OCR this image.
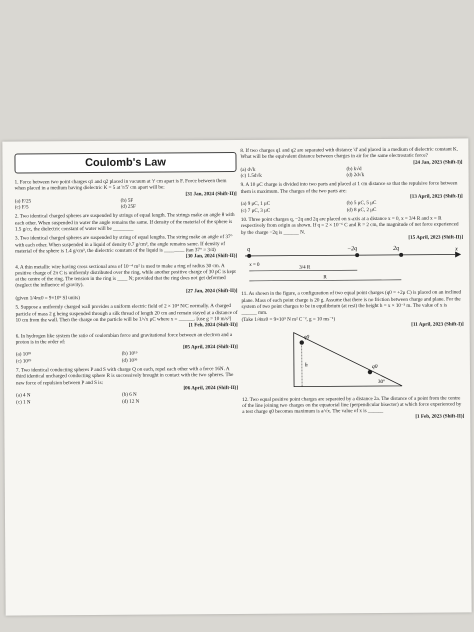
Coulomb's Law
1. Force between two point charges q1 and q2 placed in vacuum at 'r' cm apart is F. Force between them when placed in a medium having dielectric K = 5 at 'r/5' cm apart will be:
[31 Jan, 2024 (Shift-II)]
(a) F/25	(b) 5F
(c) F/5	(d) 25F
2. Two identical charged spheres are suspended by strings of equal length. The strings make an angle θ with each other. When suspended in water the angle remains the same. If density of the material of the sphere is 1.5 g/cc, the dielectric constant of water will be ________
3. Two identical charged spheres are suspended by string of equal lengths. The string make an angle of 37° with each other. When suspended in a liquid of density 0.7 g/cm³, the angle remains same. If density of material of the sphere is 1.4 g/cm³, the dielectric constant of the liquid is ________ (tan 37° = 3/4)
[30 Jan, 2024 (Shift-II)]
4. A thin metallic wire having cross sectional area of 10⁻⁴ m² is used to make a ring of radius 30 cm. A positive charge of 2π C is uniformly distributed over the ring, while another positive charge of 30 pC is kept at the centre of the ring. The tension in the ring is ____ N; provided that the ring does not get deformed (neglect the influence of gravity).
[27 Jan, 2024 (Shift-II)]
(given 1/4πε0 = 9×10⁹ SI units)
5. Suppose a uniformly charged wall provides a uniform electric field of 2 × 10⁴ N/C normally. A charged particle of mass 2 g being suspended through a silk thread of length 20 cm and remain stayed at a distance of 10 cm from the wall. Then the charge on the particle will be 1/√x μC where x = ______. [use g = 10 m/s²]
[1 Feb, 2024 (Shift-II)]
6. In hydrogen like system the ratio of coulombian force and gravitational force between an electron and a proton is in the order of:
[05 April, 2024 (Shift-II)]
(a) 10³⁹	(b) 10¹⁹
(c) 10²⁹	(d) 10³⁶
7. Two identical conducting spheres P and S with charge Q on each, repel each other with a force 16N. A third identical uncharged conducting sphere R is successively brought in contact with the two spheres. The new force of repulsion between P and S is:
[06 April, 2024 (Shift-II)]
(a) 4 N	(b) 6 N
(c) 1 N	(d) 12 N
8. If two charges q1 and q2 are separated with distance 'd' and placed in a medium of dielectric constant K. What will be the equivalent distance between charges in air for the same electrostatic force?
[24 Jan, 2023 (Shift-I)]
(a) d√k	(b) k√d
(c) 1.5d√k	(d) 2d√k
9. A 10 μC charge is divided into two parts and placed at 1 cm distance so that the repulsive force between them is maximum. The charges of the two parts are:
[13 April, 2023 (Shift-I)]
(a) 9 μC, 1 μC	(b) 5 μC, 5 μC
(c) 7 μC, 3 μC	(d) 8 μC, 2 μC
10. Three point charges q, −2q and 2q are placed on x-axis at a distance x = 0, x = 3/4 R and x = R respectively from origin as shown. If q = 2 × 10⁻⁶ C and R = 2 cm, the magnitude of net force experienced by the charge −2q is ______ N.
[15 April, 2023 (Shift-II)]
q	−2q	2q	x
x = 0
3/4 R
R
11. As shown in the figure, a configuration of two equal point charges (q0 = +2μ C) is placed on an inclined plane. Mass of each point charge is 20 g. Assume that there is no friction between charge and plane. For the system of two point charges to be in equilibrium (at rest) the height h = x × 10⁻³ m. The value of x is ______ mm.
(Take 1/4πε0 = 9×10⁹ N m² C⁻², g = 10 ms⁻¹)
[11 April, 2023 (Shift-I)]
q0
h	q0
30°
12. Two equal positive point charges are separated by a distance 2a. The distance of a point from the centre of the line joining two charges on the equatorial line (perpendicular bisector) at which force experienced by a test charge q0 becomes maximum is a/√x. The value of x is ______
[1 Feb, 2023 (Shift-II)]
